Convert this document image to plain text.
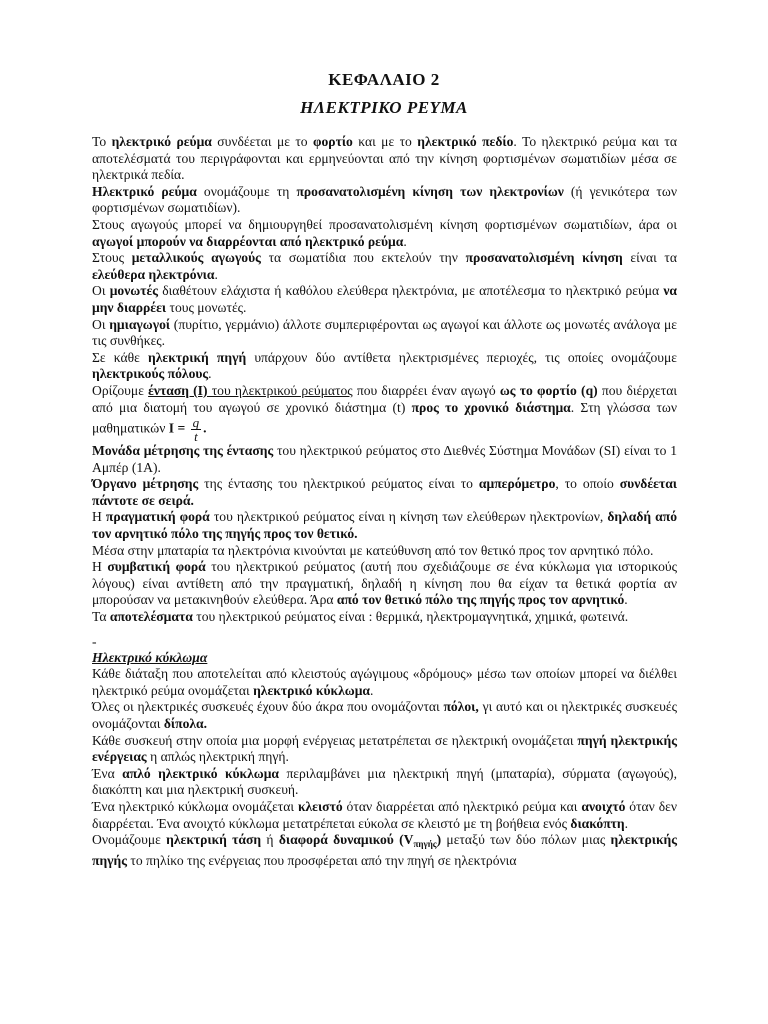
ΚΕΦΑΛΑΙΟ 2
ΗΛΕΚΤΡΙΚΟ ΡΕΥΜΑ

Το ηλεκτρικό ρεύμα συνδέεται με το φορτίο και με το ηλεκτρικό πεδίο. Το ηλεκτρικό ρεύμα και τα αποτελέσματά του περιγράφονται και ερμηνεύονται από την κίνηση φορτισμένων σωματιδίων μέσα σε ηλεκτρικά πεδία.

Ηλεκτρικό ρεύμα ονομάζουμε τη προσανατολισμένη κίνηση των ηλεκτρονίων (ή γενικότερα των φορτισμένων σωματιδίων).

Στους αγωγούς μπορεί να δημιουργηθεί προσανατολισμένη κίνηση φορτισμένων σωματιδίων, άρα οι αγωγοί μπορούν να διαρρέονται από ηλεκτρικό ρεύμα.

Στους μεταλλικούς αγωγούς τα σωματίδια που εκτελούν την προσανατολισμένη κίνηση είναι τα ελεύθερα ηλεκτρόνια.

Οι μονωτές διαθέτουν ελάχιστα ή καθόλου ελεύθερα ηλεκτρόνια, με αποτέλεσμα το ηλεκτρικό ρεύμα να μην διαρρέει τους μονωτές.

Οι ημιαγωγοί (πυρίτιο, γερμάνιο) άλλοτε συμπεριφέρονται ως αγωγοί και άλλοτε ως μονωτές ανάλογα με τις συνθήκες.

Σε κάθε ηλεκτρική πηγή υπάρχουν δύο αντίθετα ηλεκτρισμένες περιοχές, τις οποίες ονομάζουμε ηλεκτρικούς πόλους.

Ορίζουμε ένταση (Ι) του ηλεκτρικού ρεύματος που διαρρέει έναν αγωγό ως το φορτίο (q) που διέρχεται από μια διατομή του αγωγού σε χρονικό διάστημα (t) προς το χρονικό διάστημα. Στη γλώσσα των μαθηματικών $I = \frac{q}{t}$ .

Μονάδα μέτρησης της έντασης του ηλεκτρικού ρεύματος στο Διεθνές Σύστημα Μονάδων (SI) είναι το 1 Αμπέρ (1Α).

Όργανο μέτρησης της έντασης του ηλεκτρικού ρεύματος είναι το αμπερόμετρο, το οποίο συνδέεται πάντοτε σε σειρά.

Η πραγματική φορά του ηλεκτρικού ρεύματος είναι η κίνηση των ελεύθερων ηλεκτρονίων, δηλαδή από τον αρνητικό πόλο της πηγής προς τον θετικό.

Μέσα στην μπαταρία τα ηλεκτρόνια κινούνται με κατεύθυνση από τον θετικό προς τον αρνητικό πόλο.

Η συμβατική φορά του ηλεκτρικού ρεύματος (αυτή που σχεδιάζουμε σε ένα κύκλωμα για ιστορικούς λόγους) είναι αντίθετη από την πραγματική, δηλαδή η κίνηση που θα είχαν τα θετικά φορτία αν μπορούσαν να μετακινηθούν ελεύθερα. Άρα από τον θετικό πόλο της πηγής προς τον αρνητικό.

Τα αποτελέσματα του ηλεκτρικού ρεύματος είναι : θερμικά, ηλεκτρομαγνητικά, χημικά, φωτεινά.

-

Ηλεκτρικό κύκλωμα

Κάθε διάταξη που αποτελείται από κλειστούς αγώγιμους «δρόμους» μέσω των οποίων μπορεί να διέλθει ηλεκτρικό ρεύμα ονομάζεται ηλεκτρικό κύκλωμα.

Όλες οι ηλεκτρικές συσκευές έχουν δύο άκρα που ονομάζονται πόλοι, γι αυτό και οι ηλεκτρικές συσκευές ονομάζονται δίπολα.

Κάθε συσκευή στην οποία μια μορφή ενέργειας μετατρέπεται σε ηλεκτρική ονομάζεται πηγή ηλεκτρικής ενέργειας η απλώς ηλεκτρική πηγή.

Ένα απλό ηλεκτρικό κύκλωμα περιλαμβάνει μια ηλεκτρική πηγή (μπαταρία), σύρματα (αγωγούς), διακόπτη και μια ηλεκτρική συσκευή.

Ένα ηλεκτρικό κύκλωμα ονομάζεται κλειστό όταν διαρρέεται από ηλεκτρικό ρεύμα και ανοιχτό όταν δεν διαρρέεται. Ένα ανοιχτό κύκλωμα μετατρέπεται εύκολα σε κλειστό με τη βοήθεια ενός διακόπτη.

Ονομάζουμε ηλεκτρική τάση ή διαφορά δυναμικού $(V_{\pi\eta\gamma ή\varsigma})$ μεταξύ των δύο πόλων μιας ηλεκτρικής πηγής το πηλίκο της ενέργειας που προσφέρεται από την πηγή σε ηλεκτρόνια
